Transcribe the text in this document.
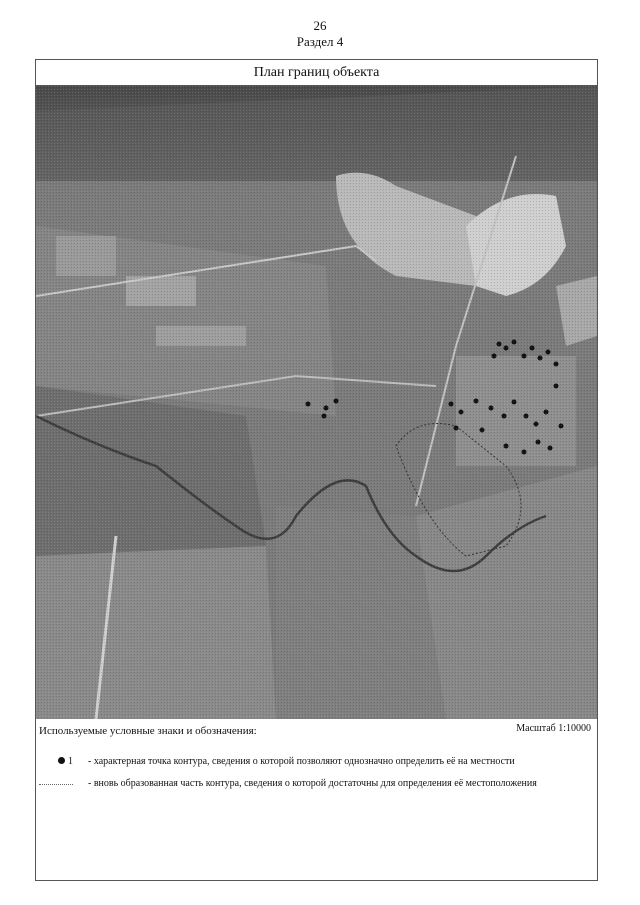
26
Раздел 4
План границ объекта
Используемые условные знаки и обозначения:	Масштаб 1:10000
1 - характерная точка контура, сведения о которой позволяют однозначно определить её на местности
- вновь образованная часть контура, сведения о которой достаточны для определения её местоположения
